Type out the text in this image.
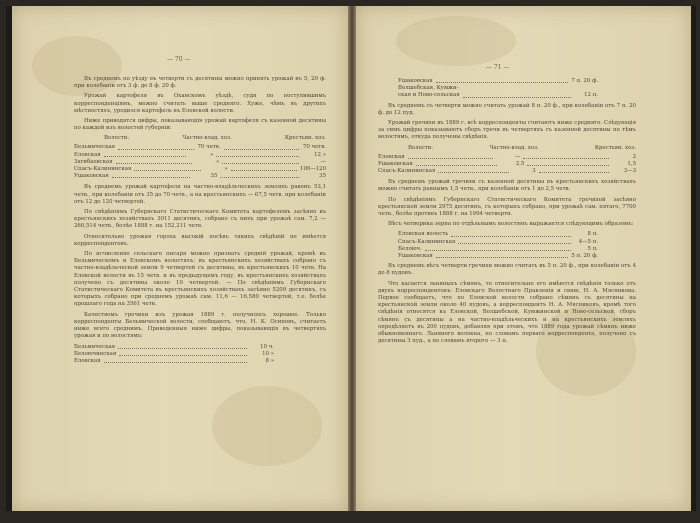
— 70 —

Въ среднемъ по уѣзду въ четверти съ десятины можно принять урожай въ 5, 20 ф. при колебаніи отъ 3 ф. до 8 ф. 20 ф.

Урожай картофеля въ Оханскомъ уѣздѣ, судя по поступившимъ корреспонденціямъ, можно считать выше средняго. Хуже, чѣмъ въ другихъ мѣстностяхъ, уродился картофель въ Еловской волости.

Ниже приводятся цифры, показывающія урожай картофеля съ казенной десятины по каждой изъ волостей губерніи:

Волости.	Частно-влад. хоз.	Крестьян. хоз.
Бельмическая	70 четв.	70 четв.
Еловская	»	12 »
Загибаевская	»	—
Спасъ-Калининская	»	100—120
Ушаковская	35	35

Въ среднемъ урожай картофеля на частно-владѣльческихъ земляхъ равенъ 53,1 четв., при колебаніи отъ 35 до 70 четв., а на крестьянскихъ — 67,5 четв. при колебаніи отъ 12 до 120 четвертей.

По свѣдѣніямъ Губернскаго Статистическаго Комитета картофелемъ засѣяно въ крестьянскихъ хозяйствахъ 3011 десятинъ, собрано съ нихъ при урожаѣ сам. 7,2 — 260,514 четв., болѣе 1888 г. на 152,211 четв.

Относительно урожая гороха высокій посѣвъ такихъ свѣдѣній не имѣется корреспондентовъ.

По исчисленію сельскаго писаря можно признать средній урожай, кромѣ въ Бельмическомъ и Еловскомъ волостяхъ: въ крестьянскихъ хозяйствахъ собрано съ частно-владѣльческой земли 9 четвертей съ десятины, въ крестьянскихъ 10 четв. На Еловской волости въ 15 четв. и въ предыдущемъ году, въ крестьянскихъ хозяйствахъ получено съ десятины около 10 четвертей. — По свѣдѣніямъ Губернскаго Статистическаго Комитета въ крестьянскихъ хозяйствахъ засѣяно 5209 десятинъ, съ которыхъ собрано при среднемъ урожаѣ сам. 11,6 — 16,580 четвертей, т.е. болѣе прошлаго года на 3561 четв.

Качествомъ гречихи изъ урожая 1889 г. получилось хорошее. Только корреспонденты Бельмической волости, сообщаютъ, что, Н. К. Осиповъ, считаетъ ниже всего среднимъ. Приведенныя ниже цифры, показывающія въ четвертяхъ урожая и по волостямъ:

Бельмическая	10 ч.
Белоючинская	10 »
Еловская	8 »
— 71 —
Ушаковская	7 п. 20 ф.
Волшебская, Кумжи-
ская и Ново-сельская	12 п.

Въ среднемъ съ четверти можно считать урожай 8 п. 20 ф., при колебаніи отъ 7 п. 20 ф. до 12 пуд.

Урожай гречихи въ 1889 г. всѣ корреспонденты считаютъ ниже средняго. Слѣдующія за симъ цифры показываютъ сборъ гречи въ четвертяхъ съ казенной десятины по тѣмъ волостямъ, откуда получены свѣдѣнія.

Волости.	Частно-влад. хоз.	Крестьян. хоз.
Еловская	—	2
Ушаковская	2,5	1,5
Спасъ-Калининская	3	3—3

Въ среднемъ урожай гречихи съ казенной десятины въ крестьянскихъ хозяйствахъ можно считать равнымъ 1,5 четв., при колебаніи отъ 1 до 2,5 четв.

По свѣдѣніямъ Губернскаго Статистическаго Комитета гречихой засѣяно крестьянской земли 2975 десятинъ, съ которыхъ собрано, при урожаѣ сам. пятаго, 7700 четв., болѣе противъ 1888 г. на 1994 четверти.

Вѣсъ четверика зерна по отдѣльнымъ волостямъ выражается слѣдующимъ образомъ:

Еловская волость	8 п.
Спасъ-Калининская	4—5 п.
Белоюч.	5 п.
Ушаковская	5 п. 20 ф.

Въ среднемъ вѣсъ четверти гречихи можно считать въ 5 п. 20 ф., при колебаніи отъ 4 до 8 пудовъ.

Что касается льняныхъ сѣмянъ, то относительно его имѣются свѣдѣнія только отъ двухъ корреспондентовъ: Еловскаго Волостнаго Правленія и свящ. Н. А. Мясникова. Первое сообщаетъ, что по Еловской волости собрано сѣмянъ съ десятины на крестьянской земли около 40 пудовъ, а корреспондентъ Н. А. Мясниковъ, кромѣ того свѣдѣнія относятся къ Еловской, Волшебской, Кумжинской и Ново-сельской, сборъ сѣмянъ съ десятины а на частно-владѣльческихъ и на крестьянскихъ земляхъ опредѣляетъ въ 200 пудовъ, добавляя при этомъ, что 1889 года урожай сѣмянъ ниже обыкновеннаго. Льняного волокна, по словамъ перваго корреспондента, получено съ десятины 3 пуд., а по словамъ второго — 3 п.
